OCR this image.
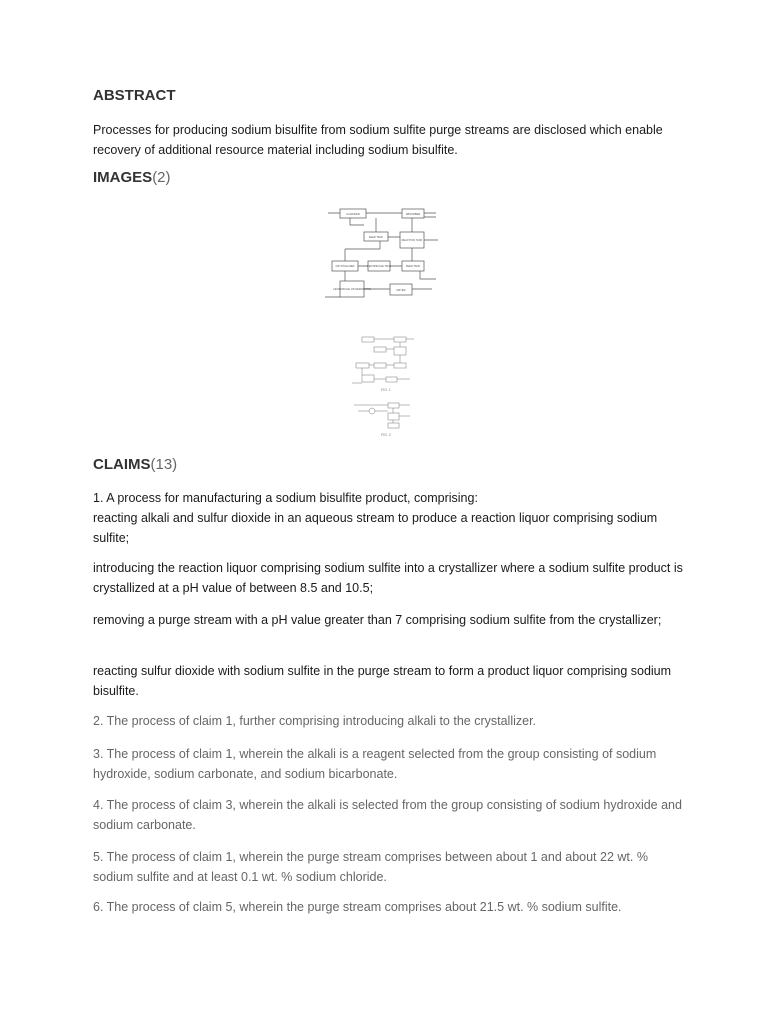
ABSTRACT

Processes for producing sodium bisulfite from sodium sulfite purge streams are disclosed which enable recovery of additional resource material including sodium bisulfite.

IMAGES(2)
CLARIFIER	ABSORBER
FEED TANK
REACTION TANK
CRYSTALLIZER	CENTRIFUGE TANK	FEED TANK
CENTRIFUGE OR SEPARATOR	DRYER
FIG. 1
FIG. 2
CLAIMS(13)

1. A process for manufacturing a sodium bisulfite product, comprising:

reacting alkali and sulfur dioxide in an aqueous stream to produce a reaction liquor comprising sodium sulfite;

introducing the reaction liquor comprising sodium sulfite into a crystallizer where a sodium sulfite product is crystallized at a pH value of between 8.5 and 10.5;

removing a purge stream with a pH value greater than 7 comprising sodium sulfite from the crystallizer;

reacting sulfur dioxide with sodium sulfite in the purge stream to form a product liquor comprising sodium bisulfite.

2. The process of claim 1, further comprising introducing alkali to the crystallizer.

3. The process of claim 1, wherein the alkali is a reagent selected from the group consisting of sodium hydroxide, sodium carbonate, and sodium bicarbonate.

4. The process of claim 3, wherein the alkali is selected from the group consisting of sodium hydroxide and sodium carbonate.

5. The process of claim 1, wherein the purge stream comprises between about 1 and about 22 wt. % sodium sulfite and at least 0.1 wt. % sodium chloride.

6. The process of claim 5, wherein the purge stream comprises about 21.5 wt. % sodium sulfite.
